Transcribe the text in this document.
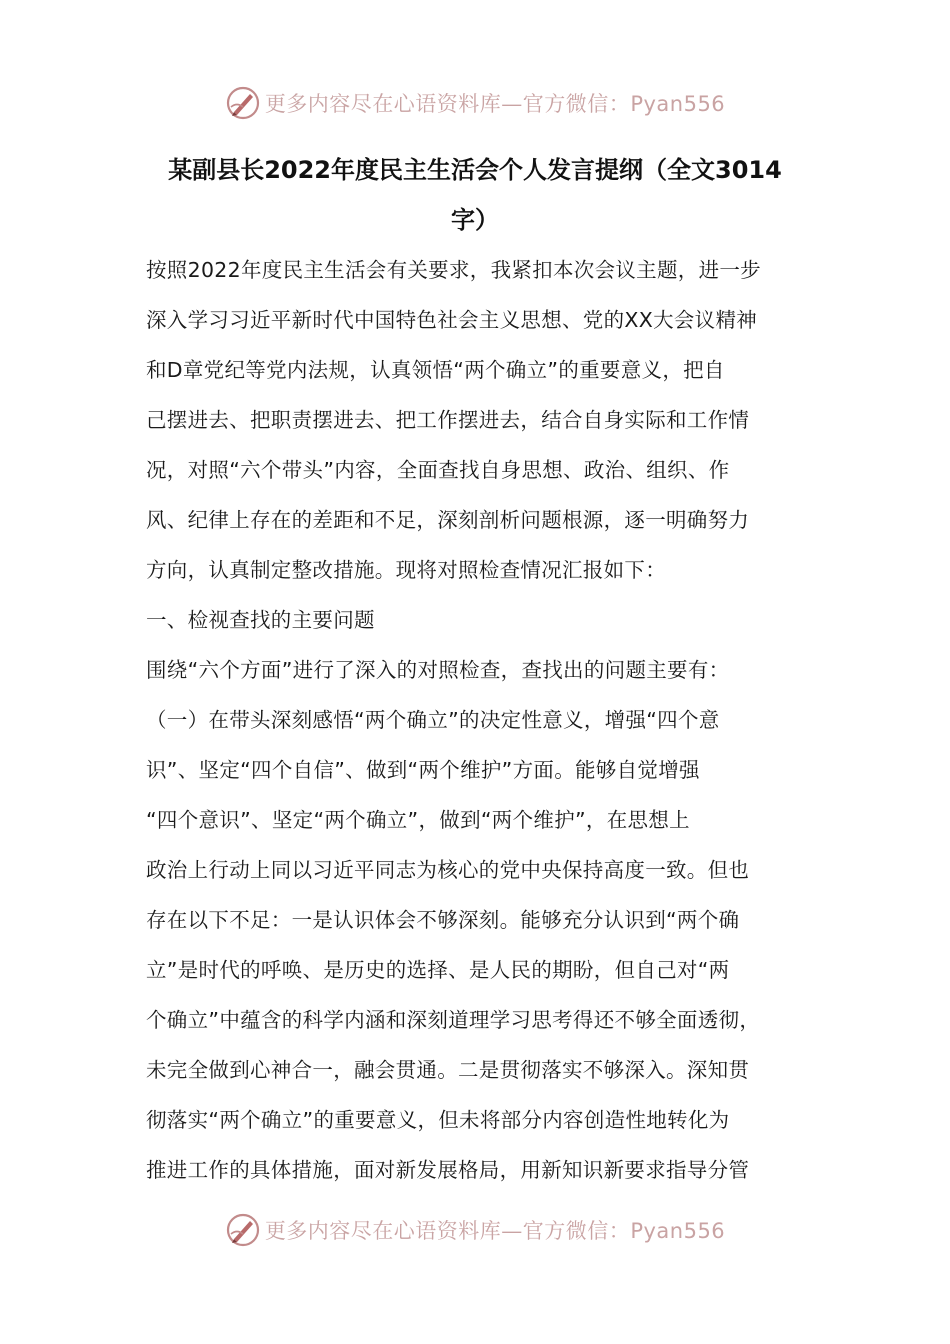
更多内容尽在心语资料库—官方微信：Pyan556
某副县长2022年度民主生活会个人发言提纲（全文3014
字）
按照2022年度民主生活会有关要求，我紧扣本次会议主题，进一步
深入学习习近平新时代中国特色社会主义思想、党的XX大会议精神
和D章党纪等党内法规，认真领悟“两个确立”的重要意义，把自
己摆进去、把职责摆进去、把工作摆进去，结合自身实际和工作情
况，对照“六个带头”内容，全面查找自身思想、政治、组织、作
风、纪律上存在的差距和不足，深刻剖析问题根源，逐一明确努力
方向，认真制定整改措施。现将对照检查情况汇报如下：
一、检视查找的主要问题
围绕“六个方面”进行了深入的对照检查，查找出的问题主要有：
（一）在带头深刻感悟“两个确立”的决定性意义，增强“四个意
识”、坚定“四个自信”、做到“两个维护”方面。能够自觉增强
“四个意识”、坚定“两个确立”，做到“两个维护”，在思想上
政治上行动上同以习近平同志为核心的党中央保持高度一致。但也
存在以下不足：一是认识体会不够深刻。能够充分认识到“两个确
立”是时代的呼唤、是历史的选择、是人民的期盼，但自己对“两
个确立”中蕴含的科学内涵和深刻道理学习思考得还不够全面透彻，
未完全做到心神合一，融会贯通。二是贯彻落实不够深入。深知贯
彻落实“两个确立”的重要意义，但未将部分内容创造性地转化为
推进工作的具体措施，面对新发展格局，用新知识新要求指导分管
更多内容尽在心语资料库—官方微信：Pyan556
